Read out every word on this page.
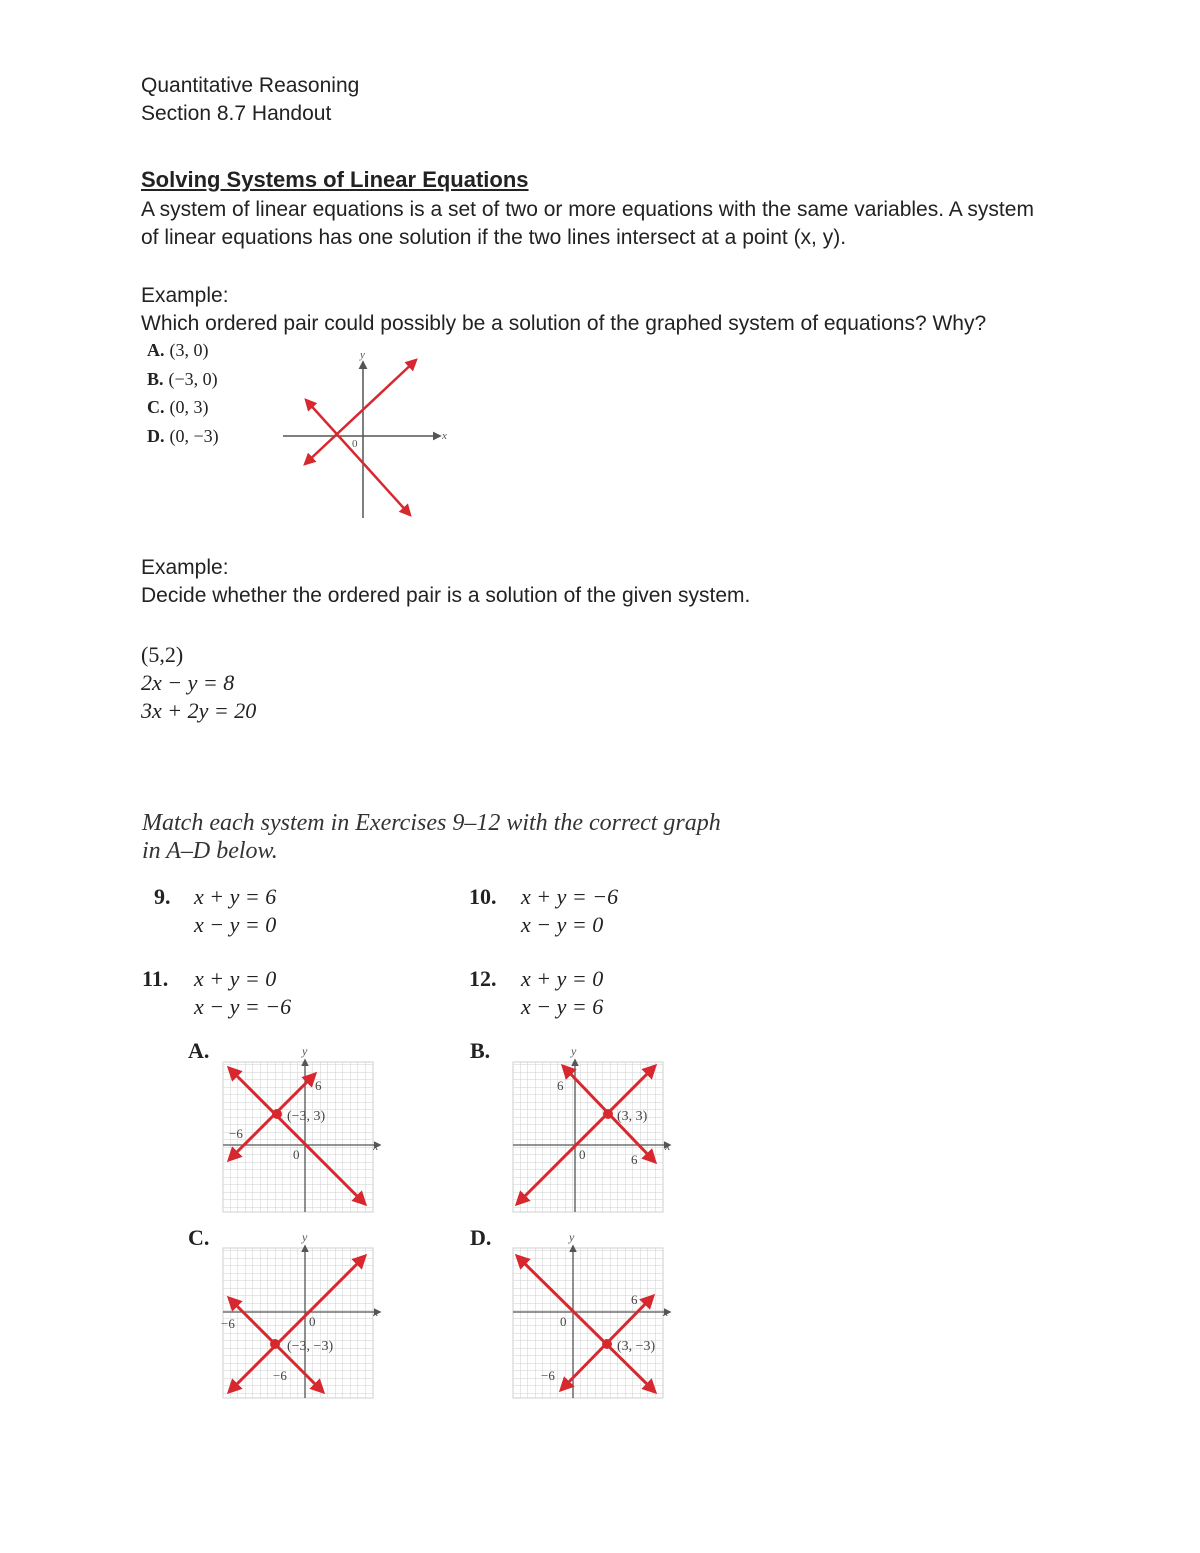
Quantitative Reasoning
Section 8.7 Handout
Solving Systems of Linear Equations
A system of linear equations is a set of two or more equations with the same variables. A system
of linear equations has one solution if the two lines intersect at a point (x, y).
Example:
Which ordered pair could possibly be a solution of the graphed system of equations? Why?
A. (3, 0)
B. (−3, 0)
C. (0, 3)
D. (0, −3)	x
y
0
Example:
Decide whether the ordered pair is a solution of the given system.
(5,2)
2x − y = 8
3x + 2y = 20
Match each system in Exercises 9–12 with the correct graph
in A–D below.
9. x + y = 6
x − y = 0
10. x + y = −6
x − y = 0
11. x + y = 0
x − y = −6
12. x + y = 0
x − y = 6
A.
x
y
0
6
−6
(−3, 3)
B.
x
y
0
6
6
(3, 3)
C.
x
y
0
−6
−6
(−3, −3)
D.
x
y
0
6
−6
(3, −3)
